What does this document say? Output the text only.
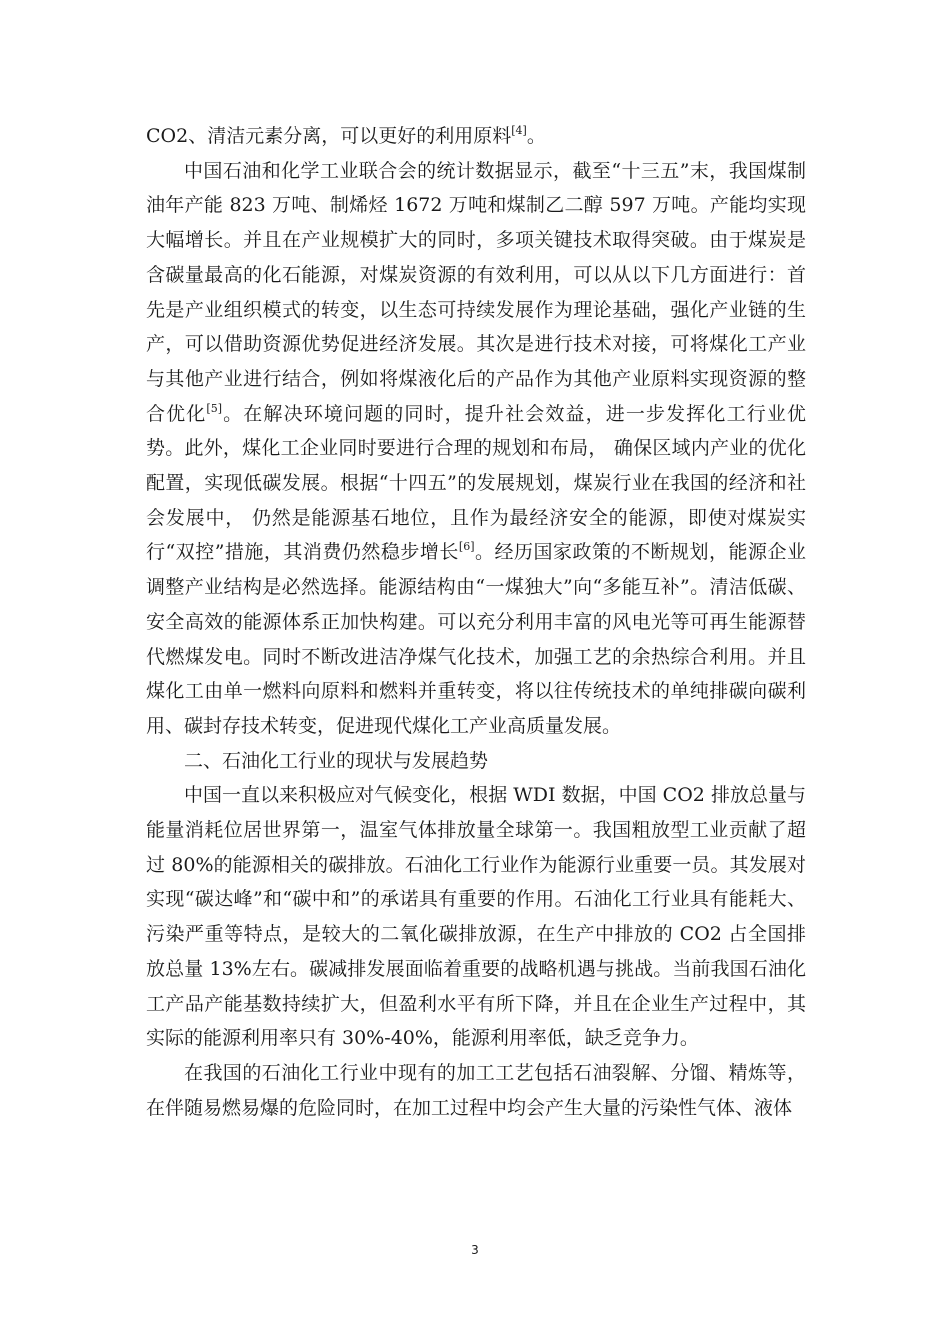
CO2、清洁元素分离，可以更好的利用原料[4]。

中国石油和化学工业联合会的统计数据显示，截至“十三五”末，我国煤制油年产能 823 万吨、制烯烃 1672 万吨和煤制乙二醇 597 万吨。产能均实现大幅增长。并且在产业规模扩大的同时，多项关键技术取得突破。由于煤炭是含碳量最高的化石能源，对煤炭资源的有效利用，可以从以下几方面进行：首先是产业组织模式的转变，以生态可持续发展作为理论基础，强化产业链的生产，可以借助资源优势促进经济发展。其次是进行技术对接，可将煤化工产业与其他产业进行结合，例如将煤液化后的产品作为其他产业原料实现资源的整合优化[5]。在解决环境问题的同时，提升社会效益，进一步发挥化工行业优势。此外，煤化工企业同时要进行合理的规划和布局， 确保区域内产业的优化配置，实现低碳发展。根据“十四五”的发展规划，煤炭行业在我国的经济和社会发展中， 仍然是能源基石地位，且作为最经济安全的能源，即使对煤炭实行“双控”措施，其消费仍然稳步增长[6]。经历国家政策的不断规划，能源企业调整产业结构是必然选择。能源结构由“一煤独大”向“多能互补”。清洁低碳、安全高效的能源体系正加快构建。可以充分利用丰富的风电光等可再生能源替代燃煤发电。同时不断改进洁净煤气化技术，加强工艺的余热综合利用。并且煤化工由单一燃料向原料和燃料并重转变，将以往传统技术的单纯排碳向碳利用、碳封存技术转变，促进现代煤化工产业高质量发展。

二、石油化工行业的现状与发展趋势

中国一直以来积极应对气候变化，根据 WDI 数据，中国 CO2 排放总量与能量消耗位居世界第一，温室气体排放量全球第一。我国粗放型工业贡献了超过 80%的能源相关的碳排放。石油化工行业作为能源行业重要一员。其发展对实现“碳达峰”和“碳中和”的承诺具有重要的作用。石油化工行业具有能耗大、污染严重等特点，是较大的二氧化碳排放源，在生产中排放的 CO2 占全国排放总量 13%左右。碳减排发展面临着重要的战略机遇与挑战。当前我国石油化工产品产能基数持续扩大，但盈利水平有所下降，并且在企业生产过程中，其实际的能源利用率只有 30%-40%，能源利用率低，缺乏竞争力。

在我国的石油化工行业中现有的加工工艺包括石油裂解、分馏、精炼等，在伴随易燃易爆的危险同时，在加工过程中均会产生大量的污染性气体、液体

3
